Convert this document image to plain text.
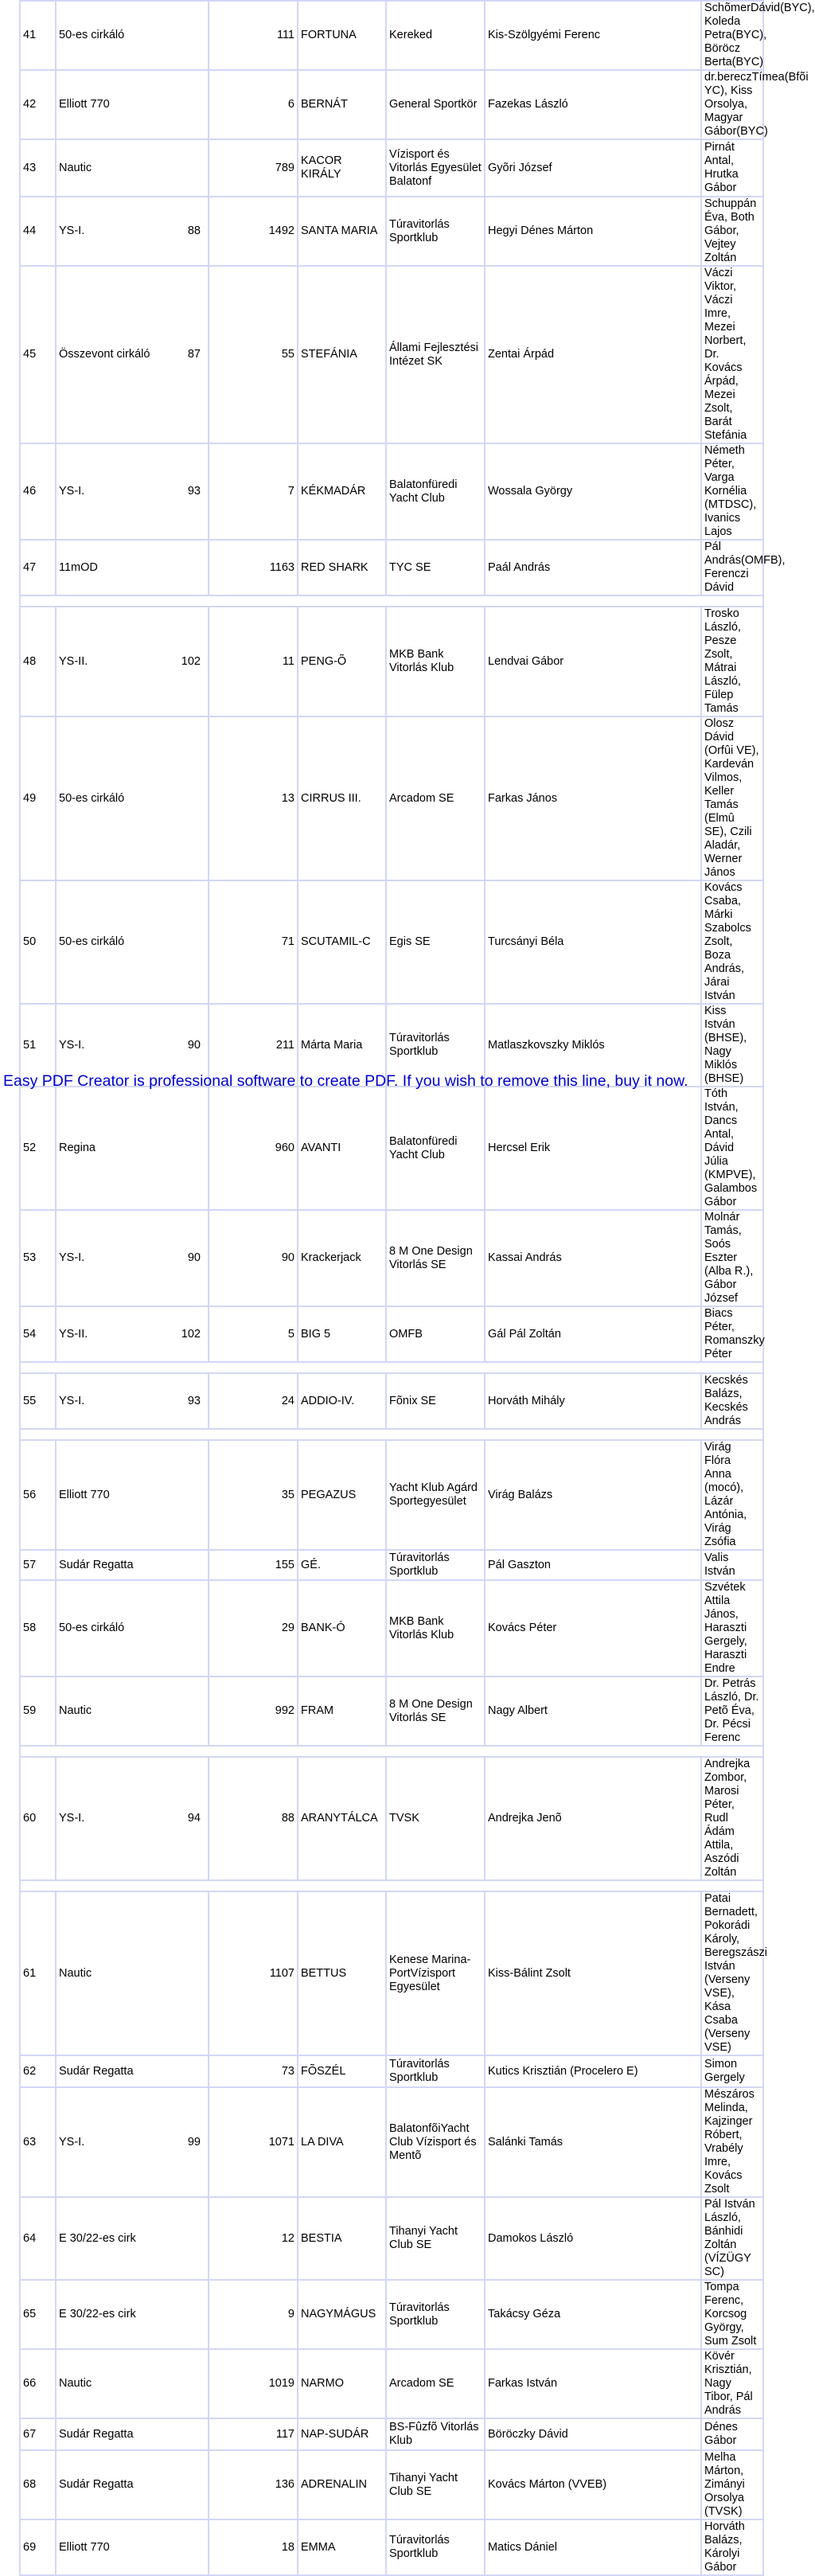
41	50-es cirkáló	111	FORTUNA	Kereked	Kis-Szölgyémi Ferenc	SchõmerDávid(BYC), Koleda Petra(BYC), Böröcz Berta(BYC)	
42	Elliott 770	6	BERNÁT	General Sportkör	Fazekas László	dr.bereczTímea(Bfõi YC), Kiss Orsolya, Magyar Gábor(BYC)	
43	Nautic	789	KACOR KIRÁLY	Vízisport és Vitorlás Egyesület Balatonf	Gyõri József	Pirnát Antal, Hrutka Gábor	
44	YS-I. 88	1492	SANTA MARIA	Túravitorlás Sportklub	Hegyi Dénes Márton	Schuppán Éva, Both Gábor, Vejtey Zoltán	
45	Összevont cirkáló 87	55	STEFÁNIA	Állami Fejlesztési Intézet SK	Zentai Árpád	Váczi Viktor, Váczi Imre, Mezei Norbert, Dr. Kovács Árpád, Mezei Zsolt, Barát Stefánia	
46	YS-I. 93	7	KÉKMADÁR	Balatonfüredi Yacht Club	Wossala György	Németh Péter, Varga Kornélia (MTDSC), Ivanics Lajos	
47	11mOD	1163	RED SHARK	TYC SE	Paál András	Pál András(OMFB), Ferenczi Dávid	

48	YS-II. 102	11	PENG-Õ	MKB Bank Vitorlás Klub	Lendvai Gábor	Trosko László, Pesze Zsolt, Mátrai László, Fülep Tamás	
49	50-es cirkáló	13	CIRRUS III.	Arcadom SE	Farkas János	Olosz Dávid (Orfûi VE), Kardeván Vilmos, Keller Tamás (Elmû SE), Czili Aladár, Werner János	
50	50-es cirkáló	71	SCUTAMIL-C	Egis SE	Turcsányi Béla	Kovács Csaba, Márki Szabolcs Zsolt, Boza András, Járai István	
51	YS-I. 90	211	Márta Maria	Túravitorlás Sportklub	Matlaszkovszky Miklós	Kiss István (BHSE), Nagy Miklós (BHSE)	
52	Regina	960	AVANTI	Balatonfüredi Yacht Club	Hercsel Erik	Tóth István, Dancs Antal, Dávid Júlia (KMPVE), Galambos Gábor	
53	YS-I. 90	90	Krackerjack	8 M One Design Vitorlás SE	Kassai András	Molnár Tamás, Soós Eszter (Alba R.), Gábor József	
54	YS-II. 102	5	BIG 5	OMFB	Gál Pál Zoltán	Biacs Péter, Romanszky Péter	

55	YS-I. 93	24	ADDIO-IV.	Fõnix SE	Horváth Mihály	Kecskés Balázs, Kecskés András	

56	Elliott 770	35	PEGAZUS	Yacht Klub Agárd Sportegyesület	Virág Balázs	Virág Flóra Anna (mocó), Lázár Antónia, Virág Zsófia	
57	Sudár Regatta	155	GÉ.	Túravitorlás Sportklub	Pál Gaszton	Valis István	
58	50-es cirkáló	29	BANK-Ó	MKB Bank Vitorlás Klub	Kovács Péter	Szvétek Attila János, Haraszti Gergely, Haraszti Endre	
59	Nautic	992	FRAM	8 M One Design Vitorlás SE	Nagy Albert	Dr. Petrás László, Dr. Petõ Éva, Dr. Pécsi Ferenc	

60	YS-I. 94	88	ARANYTÁLCA	TVSK	Andrejka Jenõ	Andrejka Zombor, Marosi Péter, Rudl Ádám Attila, Aszódi Zoltán	

61	Nautic	1107	BETTUS	Kenese Marina-PortVízisport Egyesület	Kiss-Bálint Zsolt	Patai Bernadett, Pokorádi Károly, Beregszászi István (Verseny VSE), Kása Csaba (Verseny VSE)	
62	Sudár Regatta	73	FÕSZÉL	Túravitorlás Sportklub	Kutics Krisztián (Procelero E)	Simon Gergely	
63	YS-I. 99	1071	LA DIVA	BalatonfõiYacht Club Vízisport és Mentõ	Salánki Tamás	Mészáros Melinda, Kajzinger Róbert, Vrabély Imre, Kovács Zsolt	
64	E 30/22-es cirk	12	BESTIA	Tihanyi Yacht Club SE	Damokos László	Pál István László, Bánhidi Zoltán (VÍZÜGY SC)	
65	E 30/22-es cirk	9	NAGYMÁGUS	Túravitorlás Sportklub	Takácsy Géza	Tompa Ferenc, Korcsog György, Sum Zsolt	
66	Nautic	1019	NARMO	Arcadom SE	Farkas István	Kövér Krisztián, Nagy Tibor, Pál András	
67	Sudár Regatta	117	NAP-SUDÁR	BS-Fûzfõ Vitorlás Klub	Böröczky Dávid	Dénes Gábor	
68	Sudár Regatta	136	ADRENALIN	Tihanyi Yacht Club SE	Kovács Márton (VVEB)	Melha Márton, Zimányi Orsolya (TVSK)	
69	Elliott 770	18	EMMA	Túravitorlás Sportklub	Matics Dániel	Horváth Balázs, Károlyi Gábor	
Easy PDF Creator is professional software to create PDF. If you wish to remove this line, buy it now.
